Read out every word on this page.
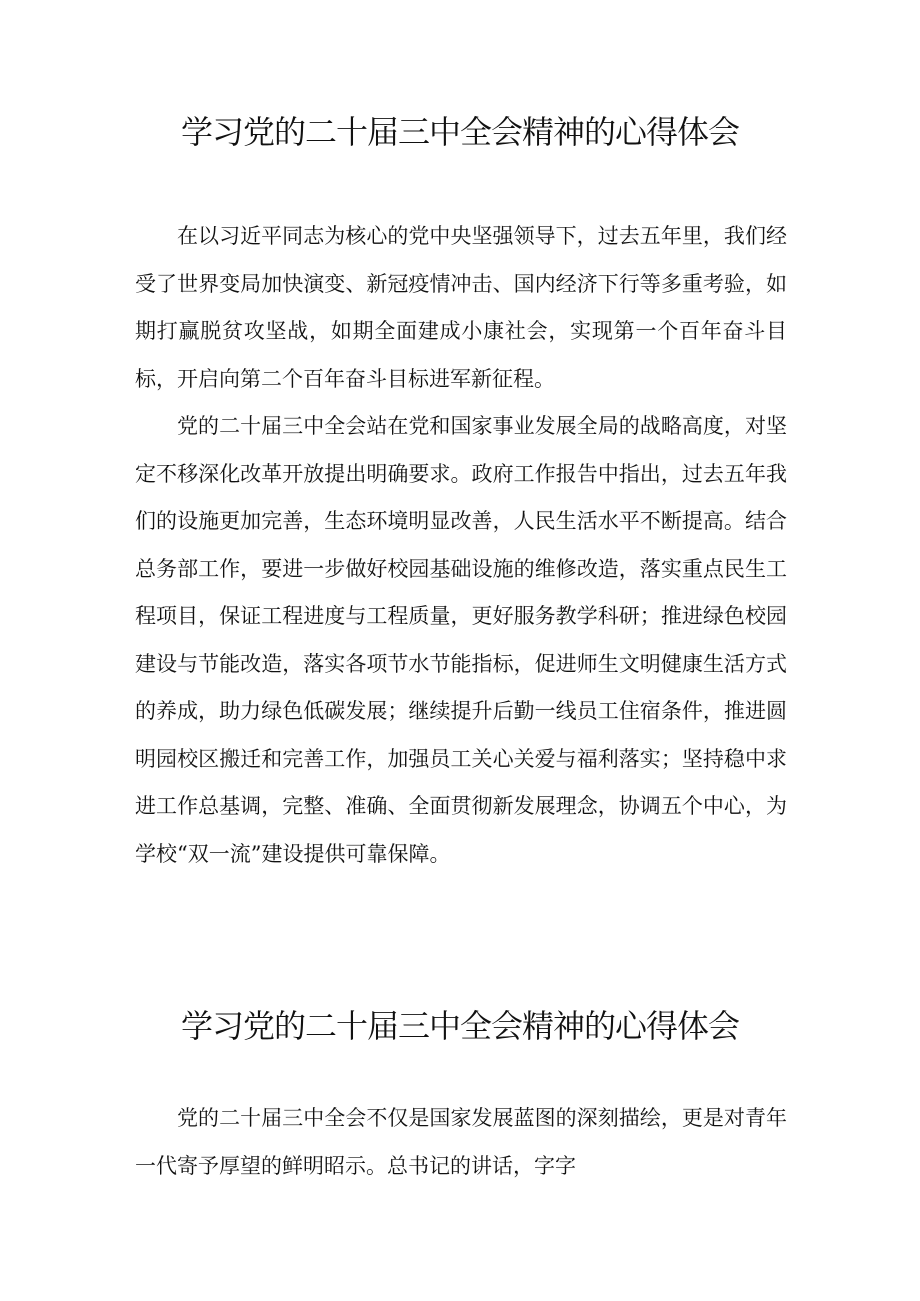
学习党的二十届三中全会精神的心得体会

在以习近平同志为核心的党中央坚强领导下，过去五年里，我们经受了世界变局加快演变、新冠疫情冲击、国内经济下行等多重考验，如期打赢脱贫攻坚战，如期全面建成小康社会，实现第一个百年奋斗目标，开启向第二个百年奋斗目标进军新征程。

党的二十届三中全会站在党和国家事业发展全局的战略高度，对坚定不移深化改革开放提出明确要求。政府工作报告中指出，过去五年我们的设施更加完善，生态环境明显改善，人民生活水平不断提高。结合总务部工作，要进一步做好校园基础设施的维修改造，落实重点民生工程项目，保证工程进度与工程质量，更好服务教学科研；推进绿色校园建设与节能改造，落实各项节水节能指标，促进师生文明健康生活方式的养成，助力绿色低碳发展；继续提升后勤一线员工住宿条件，推进圆明园校区搬迁和完善工作，加强员工关心关爱与福利落实；坚持稳中求进工作总基调，完整、准确、全面贯彻新发展理念，协调五个中心，为学校“双一流”建设提供可靠保障。

学习党的二十届三中全会精神的心得体会

党的二十届三中全会不仅是国家发展蓝图的深刻描绘，更是对青年一代寄予厚望的鲜明昭示。总书记的讲话，字字
